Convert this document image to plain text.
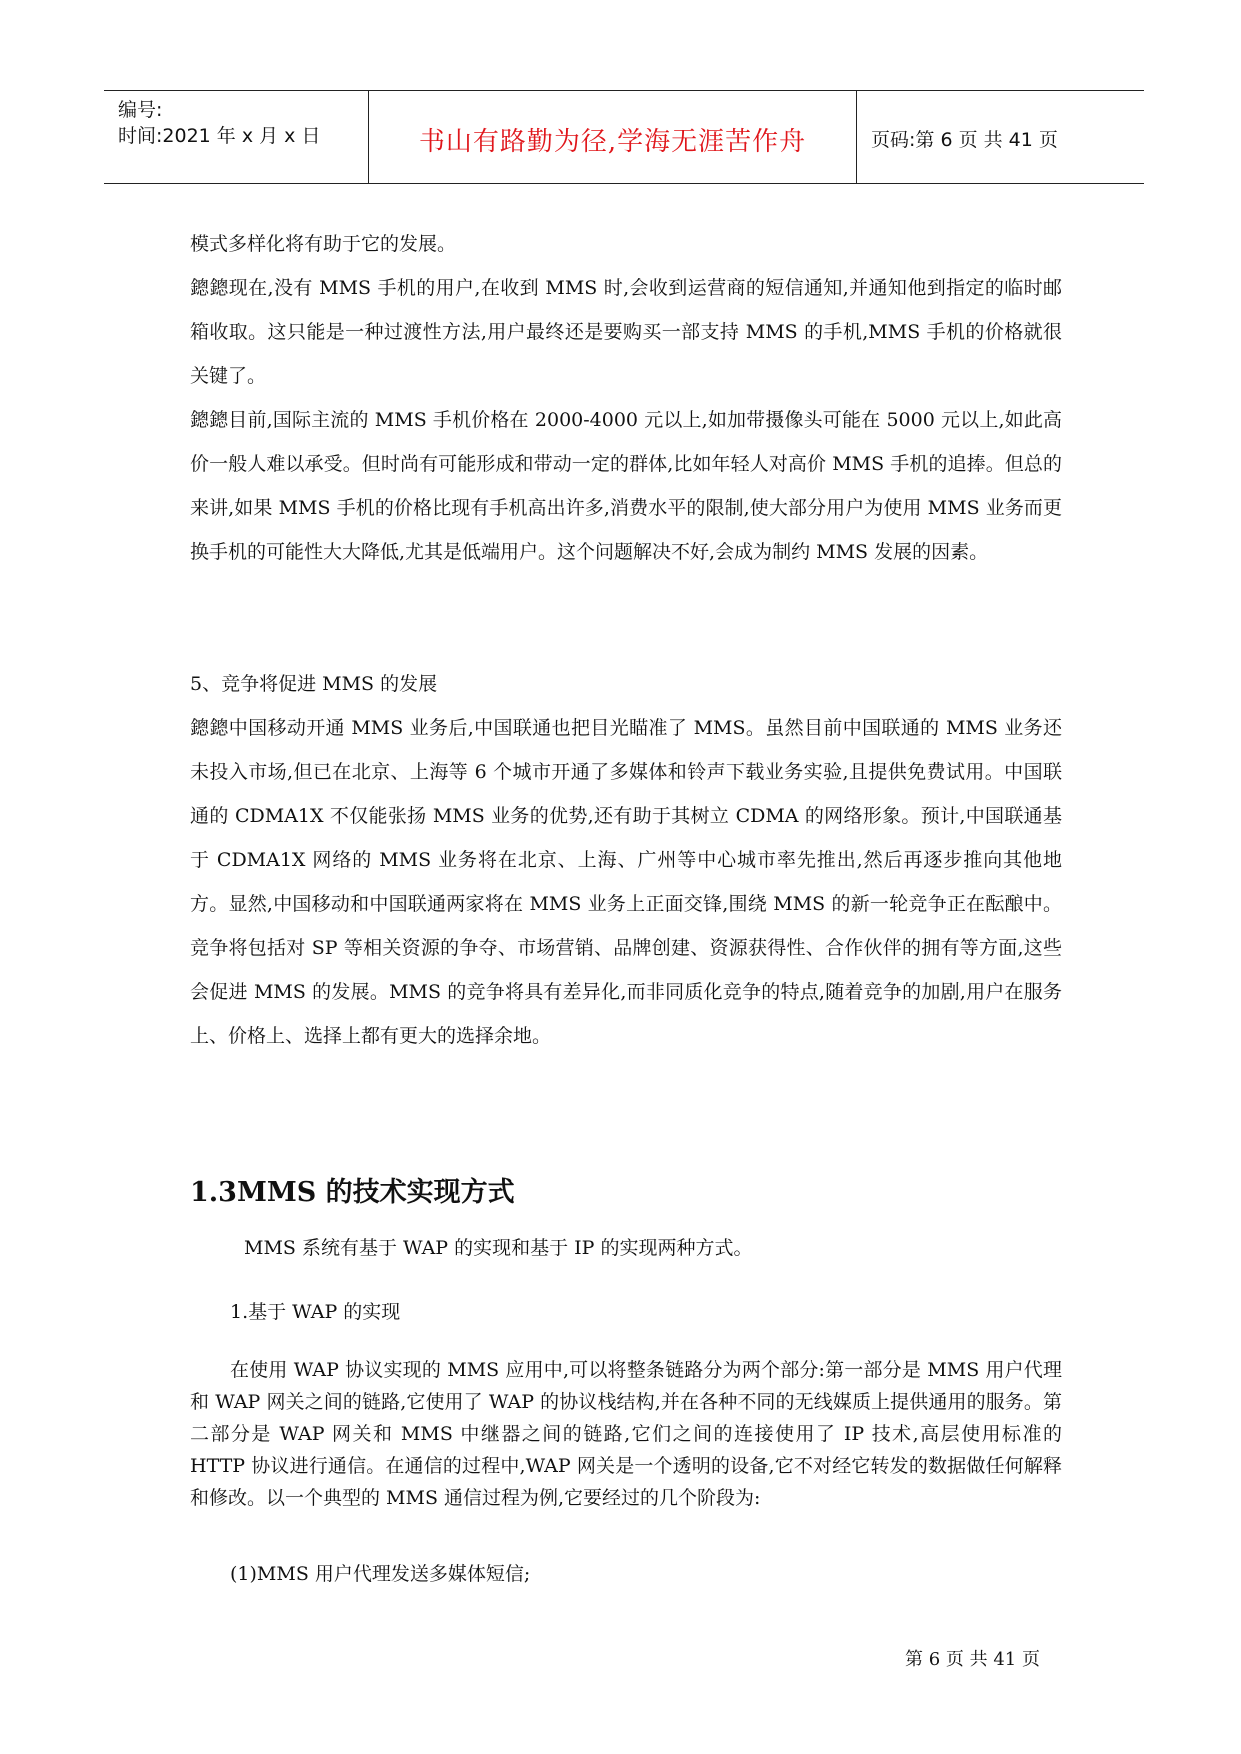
编号:
时间:2021 年 x 月 x 日	书山有路勤为径,学海无涯苦作舟	页码:第 6 页 共 41 页

模式多样化将有助于它的发展。

鏓鏓现在,没有 MMS 手机的用户,在收到 MMS 时,会收到运营商的短信通知,并通知他到指定的临时邮箱收取。这只能是一种过渡性方法,用户最终还是要购买一部支持 MMS 的手机,MMS 手机的价格就很关键了。

鏓鏓目前,国际主流的 MMS 手机价格在 2000-4000 元以上,如加带摄像头可能在 5000 元以上,如此高价一般人难以承受。但时尚有可能形成和带动一定的群体,比如年轻人对高价 MMS 手机的追捧。但总的来讲,如果 MMS 手机的价格比现有手机高出许多,消费水平的限制,使大部分用户为使用 MMS 业务而更换手机的可能性大大降低,尤其是低端用户。这个问题解决不好,会成为制约 MMS 发展的因素。

5、竞争将促进 MMS 的发展

鏓鏓中国移动开通 MMS 业务后,中国联通也把目光瞄准了 MMS。虽然目前中国联通的 MMS 业务还未投入市场,但已在北京、上海等 6 个城市开通了多媒体和铃声下载业务实验,且提供免费试用。中国联通的 CDMA1X 不仅能张扬 MMS 业务的优势,还有助于其树立 CDMA 的网络形象。预计,中国联通基于 CDMA1X 网络的 MMS 业务将在北京、上海、广州等中心城市率先推出,然后再逐步推向其他地方。显然,中国移动和中国联通两家将在 MMS 业务上正面交锋,围绕 MMS 的新一轮竞争正在酝酿中。竞争将包括对 SP 等相关资源的争夺、市场营销、品牌创建、资源获得性、合作伙伴的拥有等方面,这些会促进 MMS 的发展。MMS 的竞争将具有差异化,而非同质化竞争的特点,随着竞争的加剧,用户在服务上、价格上、选择上都有更大的选择余地。

1.3MMS 的技术实现方式

MMS 系统有基于 WAP 的实现和基于 IP 的实现两种方式。

1.基于 WAP 的实现

在使用 WAP 协议实现的 MMS 应用中,可以将整条链路分为两个部分:第一部分是 MMS 用户代理和 WAP 网关之间的链路,它使用了 WAP 的协议栈结构,并在各种不同的无线媒质上提供通用的服务。第二部分是 WAP 网关和 MMS 中继器之间的链路,它们之间的连接使用了 IP 技术,高层使用标准的 HTTP 协议进行通信。在通信的过程中,WAP 网关是一个透明的设备,它不对经它转发的数据做任何解释和修改。以一个典型的 MMS 通信过程为例,它要经过的几个阶段为:

(1)MMS 用户代理发送多媒体短信;

第 6 页 共 41 页
